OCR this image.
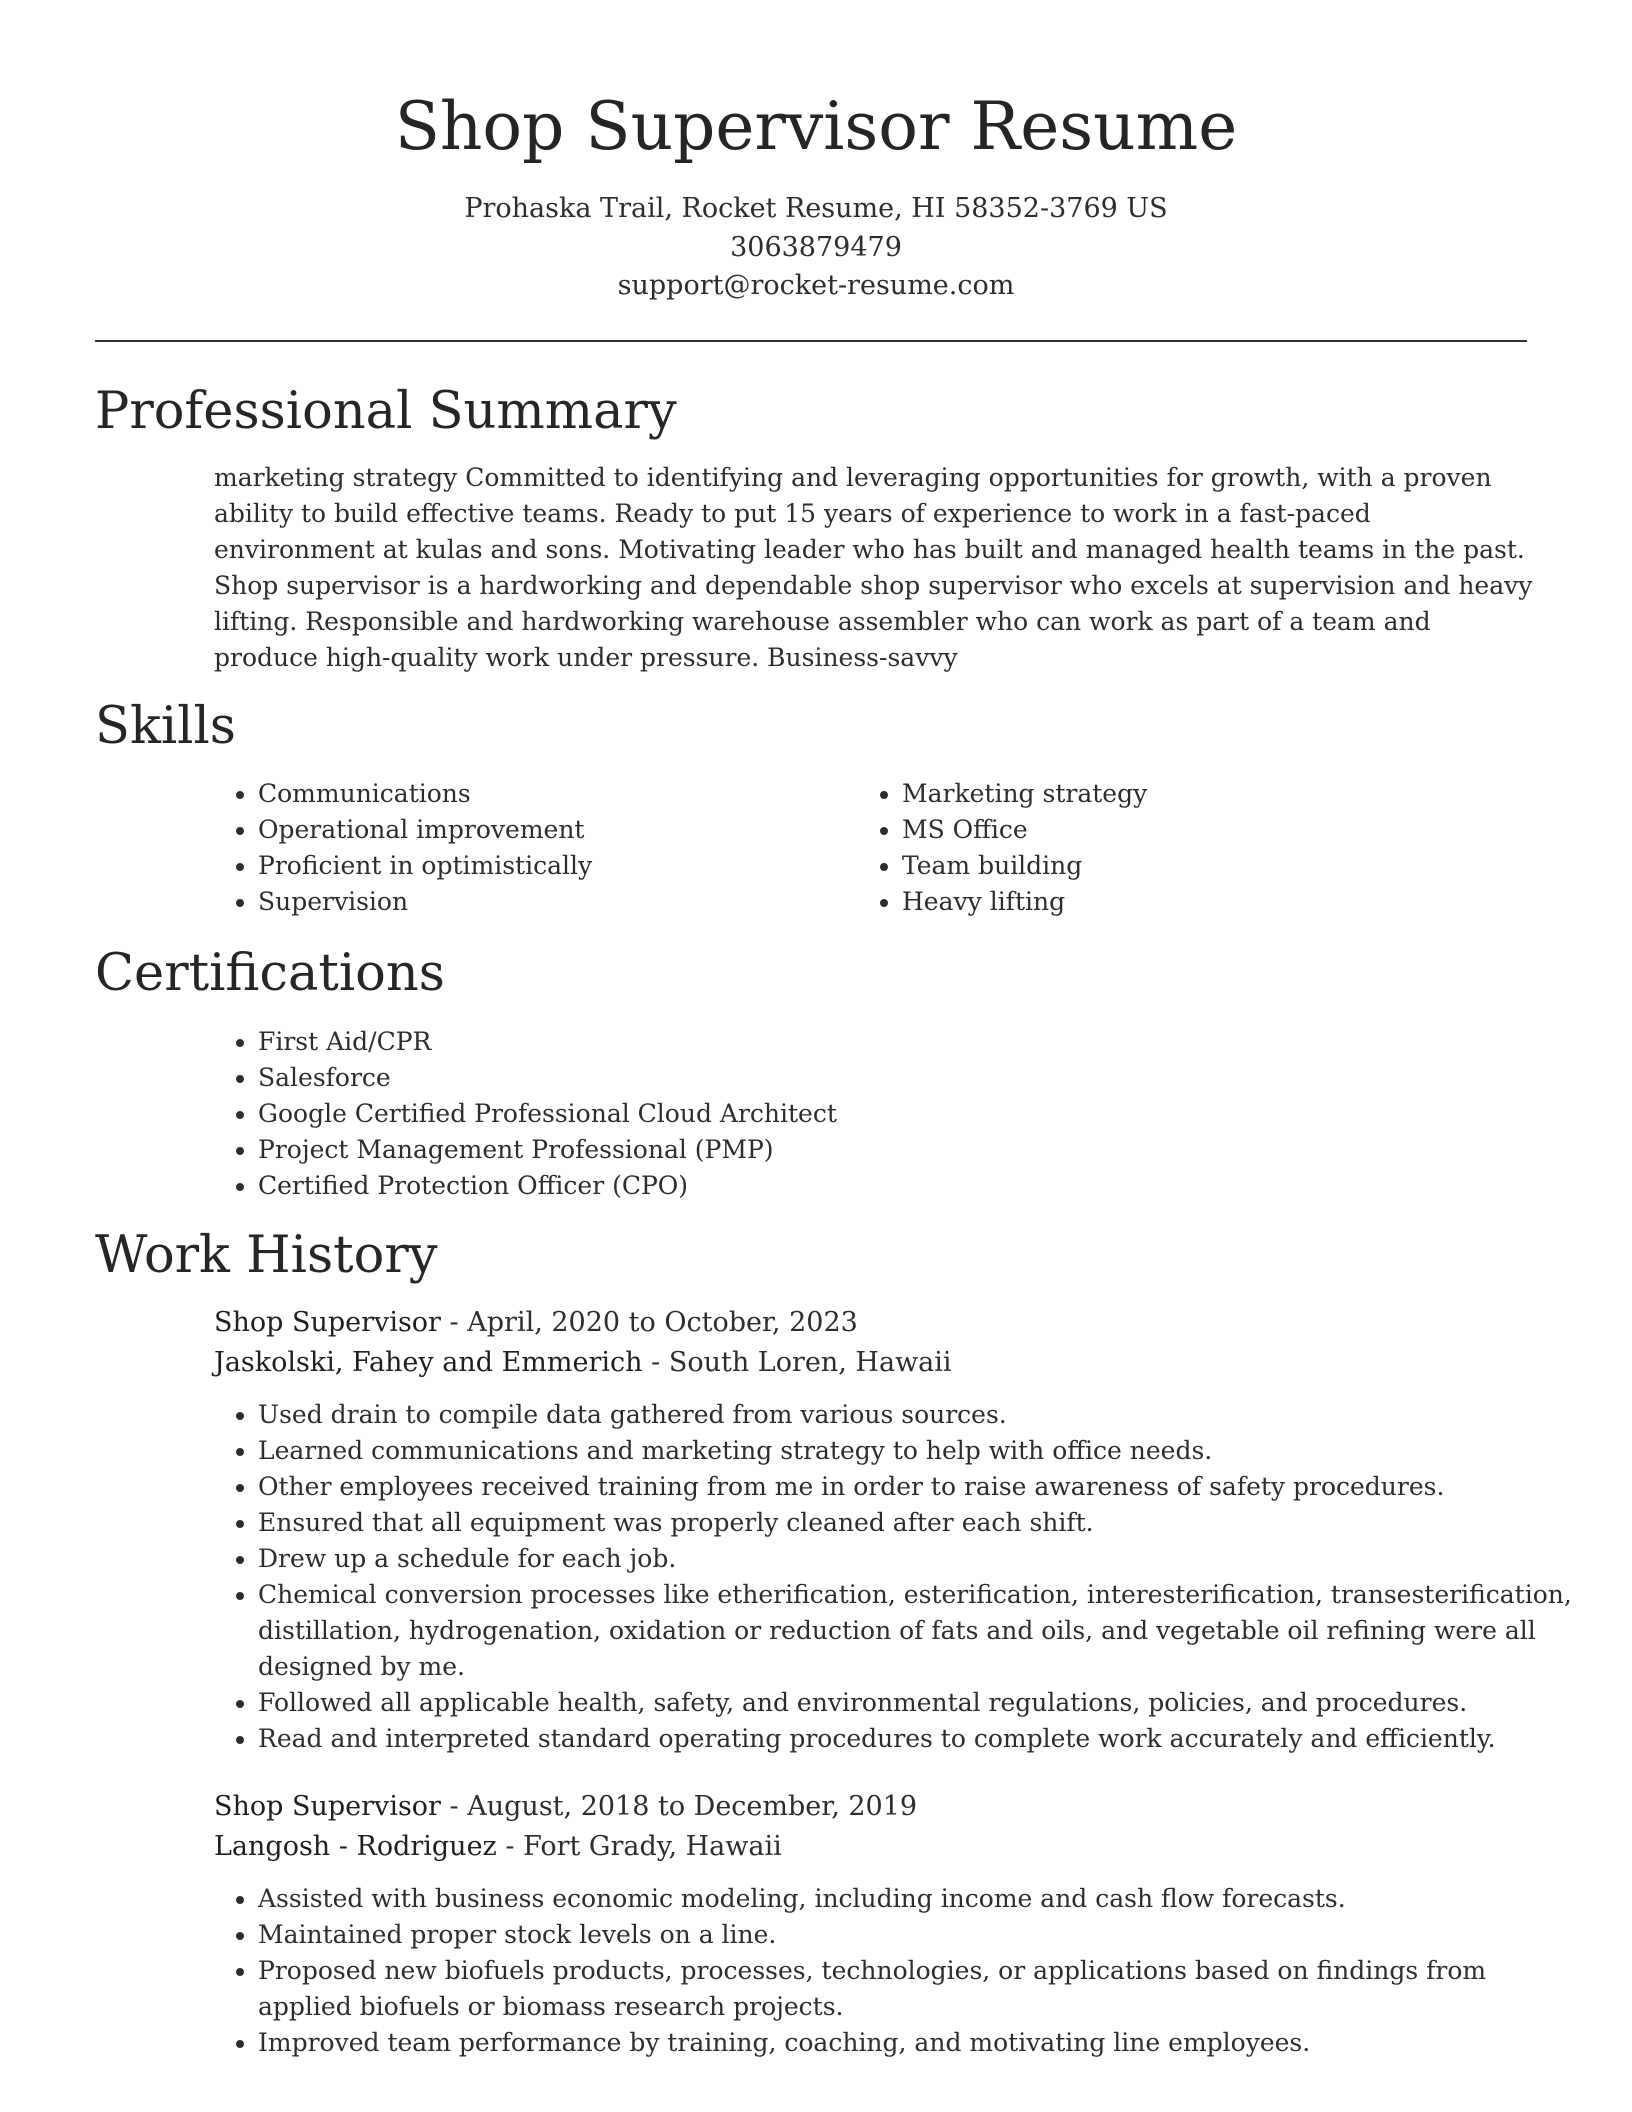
Shop Supervisor Resume
Prohaska Trail, Rocket Resume, HI 58352-3769 US
3063879479
support@rocket-resume.com
Professional Summary
marketing strategy Committed to identifying and leveraging opportunities for growth, with a proven ability to build effective teams. Ready to put 15 years of experience to work in a fast-paced environment at kulas and sons. Motivating leader who has built and managed health teams in the past. Shop supervisor is a hardworking and dependable shop supervisor who excels at supervision and heavy lifting. Responsible and hardworking warehouse assembler who can work as part of a team and produce high-quality work under pressure. Business-savvy
Skills
• Communications
• Operational improvement
• Proficient in optimistically
• Supervision
• Marketing strategy
• MS Office
• Team building
• Heavy lifting
Certifications
• First Aid/CPR
• Salesforce
• Google Certified Professional Cloud Architect
• Project Management Professional (PMP)
• Certified Protection Officer (CPO)
Work History
Shop Supervisor - April, 2020 to October, 2023
Jaskolski, Fahey and Emmerich - South Loren, Hawaii
• Used drain to compile data gathered from various sources.
• Learned communications and marketing strategy to help with office needs.
• Other employees received training from me in order to raise awareness of safety procedures.
• Ensured that all equipment was properly cleaned after each shift.
• Drew up a schedule for each job.
• Chemical conversion processes like etherification, esterification, interesterification, transesterification, distillation, hydrogenation, oxidation or reduction of fats and oils, and vegetable oil refining were all designed by me.
• Followed all applicable health, safety, and environmental regulations, policies, and procedures.
• Read and interpreted standard operating procedures to complete work accurately and efficiently.
Shop Supervisor - August, 2018 to December, 2019
Langosh - Rodriguez - Fort Grady, Hawaii
• Assisted with business economic modeling, including income and cash flow forecasts.
• Maintained proper stock levels on a line.
• Proposed new biofuels products, processes, technologies, or applications based on findings from applied biofuels or biomass research projects.
• Improved team performance by training, coaching, and motivating line employees.
